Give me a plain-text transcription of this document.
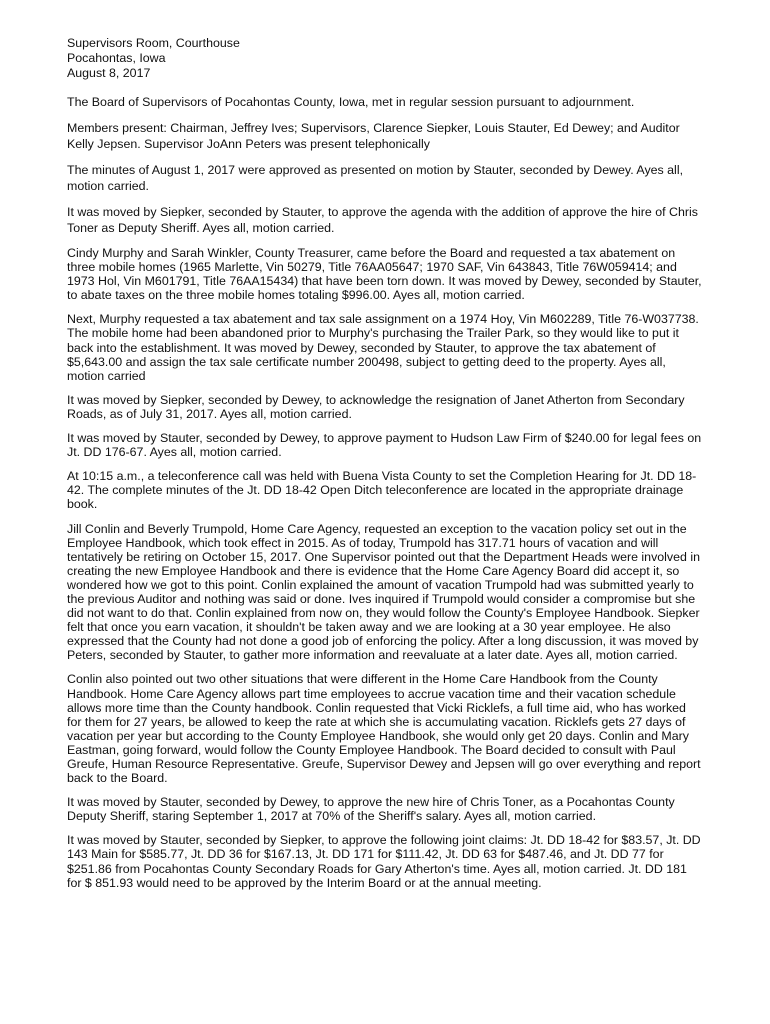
Supervisors Room, Courthouse

Pocahontas, Iowa

August 8, 2017

The Board of Supervisors of Pocahontas County, Iowa, met in regular session pursuant to adjournment.

Members present: Chairman, Jeffrey Ives; Supervisors, Clarence Siepker, Louis Stauter, Ed Dewey; and Auditor Kelly Jepsen. Supervisor JoAnn Peters was present telephonically

The minutes of August 1, 2017 were approved as presented on motion by Stauter, seconded by Dewey. Ayes all, motion carried.

It was moved by Siepker, seconded by Stauter, to approve the agenda with the addition of approve the hire of Chris Toner as Deputy Sheriff. Ayes all, motion carried.

Cindy Murphy and Sarah Winkler, County Treasurer, came before the Board and requested a tax abatement on three mobile homes (1965 Marlette, Vin 50279, Title 76AA05647; 1970 SAF, Vin 643843, Title 76W059414; and 1973 Hol, Vin M601791, Title 76AA15434) that have been torn down. It was moved by Dewey, seconded by Stauter, to abate taxes on the three mobile homes totaling $996.00. Ayes all, motion carried.

Next, Murphy requested a tax abatement and tax sale assignment on a 1974 Hoy, Vin M602289, Title 76-W037738. The mobile home had been abandoned prior to Murphy's purchasing the Trailer Park, so they would like to put it back into the establishment. It was moved by Dewey, seconded by Stauter, to approve the tax abatement of $5,643.00 and assign the tax sale certificate number 200498, subject to getting deed to the property. Ayes all, motion carried

It was moved by Siepker, seconded by Dewey, to acknowledge the resignation of Janet Atherton from Secondary Roads, as of July 31, 2017. Ayes all, motion carried.

It was moved by Stauter, seconded by Dewey, to approve payment to Hudson Law Firm of $240.00 for legal fees on Jt. DD 176-67. Ayes all, motion carried.

At 10:15 a.m., a teleconference call was held with Buena Vista County to set the Completion Hearing for Jt. DD 18-42. The complete minutes of the Jt. DD 18-42 Open Ditch teleconference are located in the appropriate drainage book.

Jill Conlin and Beverly Trumpold, Home Care Agency, requested an exception to the vacation policy set out in the Employee Handbook, which took effect in 2015. As of today, Trumpold has 317.71 hours of vacation and will tentatively be retiring on October 15, 2017. One Supervisor pointed out that the Department Heads were involved in creating the new Employee Handbook and there is evidence that the Home Care Agency Board did accept it, so wondered how we got to this point. Conlin explained the amount of vacation Trumpold had was submitted yearly to the previous Auditor and nothing was said or done. Ives inquired if Trumpold would consider a compromise but she did not want to do that. Conlin explained from now on, they would follow the County's Employee Handbook. Siepker felt that once you earn vacation, it shouldn't be taken away and we are looking at a 30 year employee. He also expressed that the County had not done a good job of enforcing the policy. After a long discussion, it was moved by Peters, seconded by Stauter, to gather more information and reevaluate at a later date. Ayes all, motion carried.

Conlin also pointed out two other situations that were different in the Home Care Handbook from the County Handbook. Home Care Agency allows part time employees to accrue vacation time and their vacation schedule allows more time than the County handbook. Conlin requested that Vicki Ricklefs, a full time aid, who has worked for them for 27 years, be allowed to keep the rate at which she is accumulating vacation. Ricklefs gets 27 days of vacation per year but according to the County Employee Handbook, she would only get 20 days. Conlin and Mary Eastman, going forward, would follow the County Employee Handbook. The Board decided to consult with Paul Greufe, Human Resource Representative. Greufe, Supervisor Dewey and Jepsen will go over everything and report back to the Board.

It was moved by Stauter, seconded by Dewey, to approve the new hire of Chris Toner, as a Pocahontas County Deputy Sheriff, staring September 1, 2017 at 70% of the Sheriff's salary. Ayes all, motion carried.

It was moved by Stauter, seconded by Siepker, to approve the following joint claims: Jt. DD 18-42 for $83.57, Jt. DD 143 Main for $585.77, Jt. DD 36 for $167.13, Jt. DD 171 for $111.42, Jt. DD 63 for $487.46, and Jt. DD 77 for $251.86 from Pocahontas County Secondary Roads for Gary Atherton's time. Ayes all, motion carried. Jt. DD 181 for $ 851.93 would need to be approved by the Interim Board or at the annual meeting.
